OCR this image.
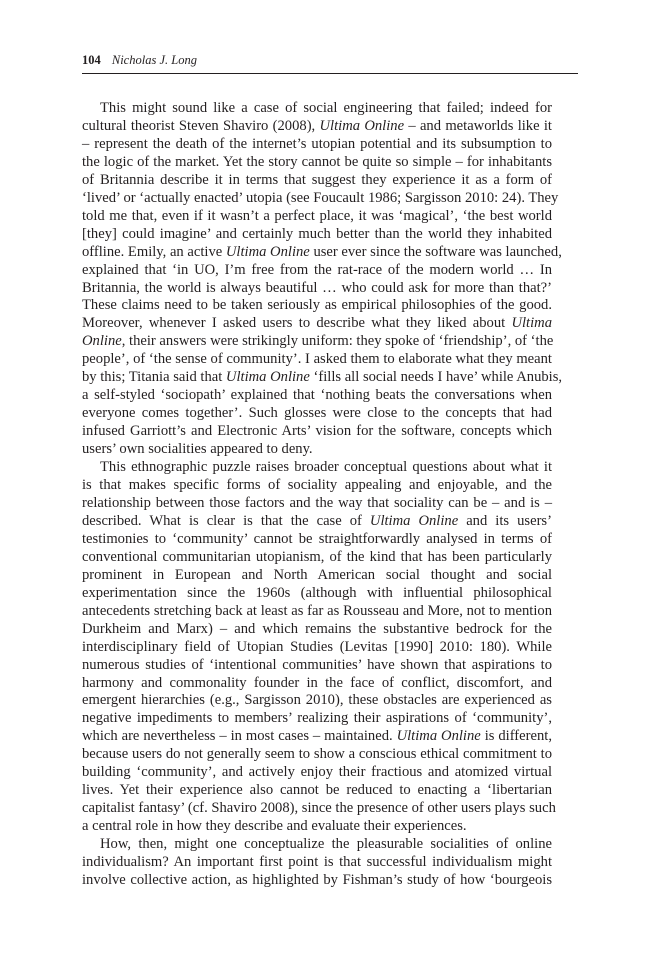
104 Nicholas J. Long
This might sound like a case of social engineering that failed; indeed for
cultural theorist Steven Shaviro (2008), Ultima Online – and metaworlds like it
– represent the death of the internet’s utopian potential and its subsumption to
the logic of the market. Yet the story cannot be quite so simple – for inhabitants
of Britannia describe it in terms that suggest they experience it as a form of
‘lived’ or ‘actually enacted’ utopia (see Foucault 1986; Sargisson 2010: 24). They
told me that, even if it wasn’t a perfect place, it was ‘magical’, ‘the best world
[they] could imagine’ and certainly much better than the world they inhabited
offline. Emily, an active Ultima Online user ever since the software was launched,
explained that ‘in UO, I’m free from the rat-race of the modern world … In
Britannia, the world is always beautiful … who could ask for more than that?’
These claims need to be taken seriously as empirical philosophies of the good.
Moreover, whenever I asked users to describe what they liked about Ultima
Online, their answers were strikingly uniform: they spoke of ‘friendship’, of ‘the
people’, of ‘the sense of community’. I asked them to elaborate what they meant
by this; Titania said that Ultima Online ‘fills all social needs I have’ while Anubis,
a self-styled ‘sociopath’ explained that ‘nothing beats the conversations when
everyone comes together’. Such glosses were close to the concepts that had
infused Garriott’s and Electronic Arts’ vision for the software, concepts which
users’ own socialities appeared to deny.
This ethnographic puzzle raises broader conceptual questions about what it
is that makes specific forms of sociality appealing and enjoyable, and the
relationship between those factors and the way that sociality can be – and is –
described. What is clear is that the case of Ultima Online and its users’
testimonies to ‘community’ cannot be straightforwardly analysed in terms of
conventional communitarian utopianism, of the kind that has been particularly
prominent in European and North American social thought and social
experimentation since the 1960s (although with influential philosophical
antecedents stretching back at least as far as Rousseau and More, not to mention
Durkheim and Marx) – and which remains the substantive bedrock for the
interdisciplinary field of Utopian Studies (Levitas [1990] 2010: 180). While
numerous studies of ‘intentional communities’ have shown that aspirations to
harmony and commonality founder in the face of conflict, discomfort, and
emergent hierarchies (e.g., Sargisson 2010), these obstacles are experienced as
negative impediments to members’ realizing their aspirations of ‘community’,
which are nevertheless – in most cases – maintained. Ultima Online is different,
because users do not generally seem to show a conscious ethical commitment to
building ‘community’, and actively enjoy their fractious and atomized virtual
lives. Yet their experience also cannot be reduced to enacting a ‘libertarian
capitalist fantasy’ (cf. Shaviro 2008), since the presence of other users plays such
a central role in how they describe and evaluate their experiences.
How, then, might one conceptualize the pleasurable socialities of online
individualism? An important first point is that successful individualism might
involve collective action, as highlighted by Fishman’s study of how ‘bourgeois
